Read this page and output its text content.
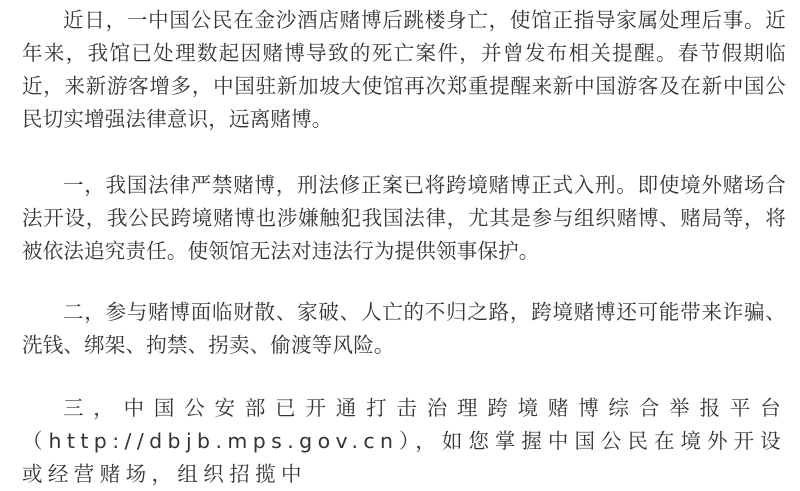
近日，一中国公民在金沙酒店赌博后跳楼身亡，使馆正指导家属处理后事。近年来，我馆已处理数起因赌博导致的死亡案件，并曾发布相关提醒。春节假期临近，来新游客增多，中国驻新加坡大使馆再次郑重提醒来新中国游客及在新中国公民切实增强法律意识，远离赌博。

一，我国法律严禁赌博，刑法修正案已将跨境赌博正式入刑。即使境外赌场合法开设，我公民跨境赌博也涉嫌触犯我国法律，尤其是参与组织赌博、赌局等，将被依法追究责任。使领馆无法对违法行为提供领事保护。

二，参与赌博面临财散、家破、人亡的不归之路，跨境赌博还可能带来诈骗、洗钱、绑架、拘禁、拐卖、偷渡等风险。

三，中国公安部已开通打击治理跨境赌博综合举报平台（http://dbjb.mps.gov.cn），如您掌握中国公民在境外开设或经营赌场，组织招揽中
